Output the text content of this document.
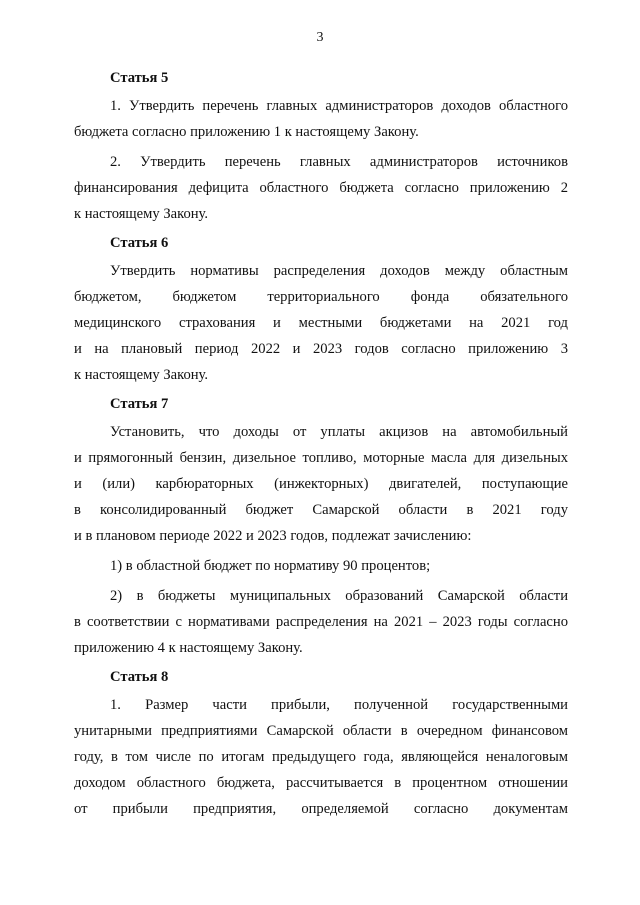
3
Статья 5
1. Утвердить перечень главных администраторов доходов областного
бюджета согласно приложению 1 к настоящему Закону.
2. Утвердить перечень главных администраторов источников
финансирования дефицита областного бюджета согласно приложению 2
к настоящему Закону.
Статья 6
Утвердить нормативы распределения доходов между областным
бюджетом, бюджетом территориального фонда обязательного
медицинского страхования и местными бюджетами на 2021 год
и на плановый период 2022 и 2023 годов согласно приложению 3
к настоящему Закону.
Статья 7
Установить, что доходы от уплаты акцизов на автомобильный
и прямогонный бензин, дизельное топливо, моторные масла для дизельных
и (или) карбюраторных (инжекторных) двигателей, поступающие
в консолидированный бюджет Самарской области в 2021 году
и в плановом периоде 2022 и 2023 годов, подлежат зачислению:
1) в областной бюджет по нормативу 90 процентов;
2) в бюджеты муниципальных образований Самарской области
в соответствии с нормативами распределения на 2021 – 2023 годы согласно
приложению 4 к настоящему Закону.
Статья 8
1. Размер части прибыли, полученной государственными
унитарными предприятиями Самарской области в очередном финансовом
году, в том числе по итогам предыдущего года, являющейся неналоговым
доходом областного бюджета, рассчитывается в процентном отношении
от прибыли предприятия, определяемой согласно документам
